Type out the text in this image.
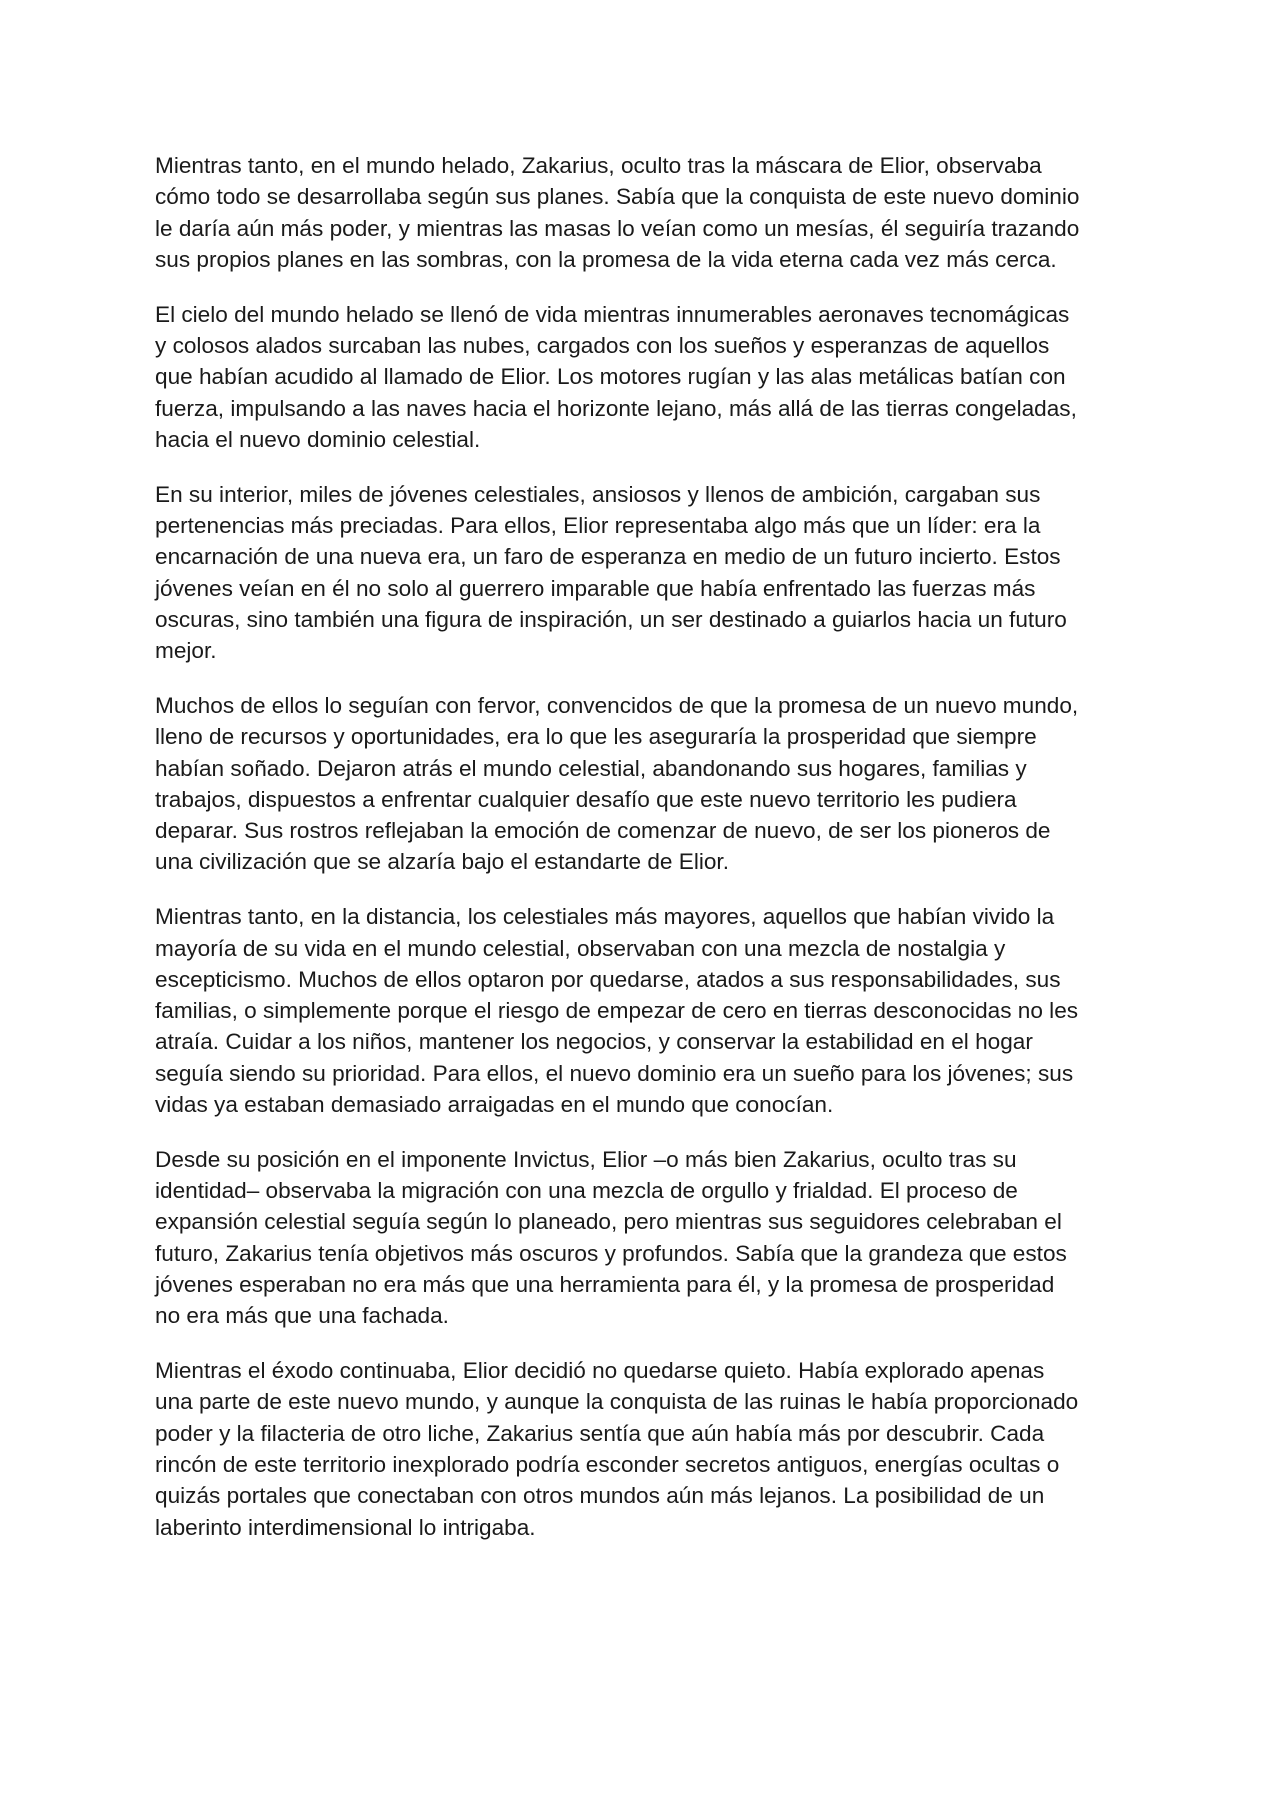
Mientras tanto, en el mundo helado, Zakarius, oculto tras la máscara de Elior, observaba
cómo todo se desarrollaba según sus planes. Sabía que la conquista de este nuevo dominio
le daría aún más poder, y mientras las masas lo veían como un mesías, él seguiría trazando
sus propios planes en las sombras, con la promesa de la vida eterna cada vez más cerca.

El cielo del mundo helado se llenó de vida mientras innumerables aeronaves tecnomágicas
y colosos alados surcaban las nubes, cargados con los sueños y esperanzas de aquellos
que habían acudido al llamado de Elior. Los motores rugían y las alas metálicas batían con
fuerza, impulsando a las naves hacia el horizonte lejano, más allá de las tierras congeladas,
hacia el nuevo dominio celestial.

En su interior, miles de jóvenes celestiales, ansiosos y llenos de ambición, cargaban sus
pertenencias más preciadas. Para ellos, Elior representaba algo más que un líder: era la
encarnación de una nueva era, un faro de esperanza en medio de un futuro incierto. Estos
jóvenes veían en él no solo al guerrero imparable que había enfrentado las fuerzas más
oscuras, sino también una figura de inspiración, un ser destinado a guiarlos hacia un futuro
mejor.

Muchos de ellos lo seguían con fervor, convencidos de que la promesa de un nuevo mundo,
lleno de recursos y oportunidades, era lo que les aseguraría la prosperidad que siempre
habían soñado. Dejaron atrás el mundo celestial, abandonando sus hogares, familias y
trabajos, dispuestos a enfrentar cualquier desafío que este nuevo territorio les pudiera
deparar. Sus rostros reflejaban la emoción de comenzar de nuevo, de ser los pioneros de
una civilización que se alzaría bajo el estandarte de Elior.

Mientras tanto, en la distancia, los celestiales más mayores, aquellos que habían vivido la
mayoría de su vida en el mundo celestial, observaban con una mezcla de nostalgia y
escepticismo. Muchos de ellos optaron por quedarse, atados a sus responsabilidades, sus
familias, o simplemente porque el riesgo de empezar de cero en tierras desconocidas no les
atraía. Cuidar a los niños, mantener los negocios, y conservar la estabilidad en el hogar
seguía siendo su prioridad. Para ellos, el nuevo dominio era un sueño para los jóvenes; sus
vidas ya estaban demasiado arraigadas en el mundo que conocían.

Desde su posición en el imponente Invictus, Elior –o más bien Zakarius, oculto tras su
identidad– observaba la migración con una mezcla de orgullo y frialdad. El proceso de
expansión celestial seguía según lo planeado, pero mientras sus seguidores celebraban el
futuro, Zakarius tenía objetivos más oscuros y profundos. Sabía que la grandeza que estos
jóvenes esperaban no era más que una herramienta para él, y la promesa de prosperidad
no era más que una fachada.

Mientras el éxodo continuaba, Elior decidió no quedarse quieto. Había explorado apenas
una parte de este nuevo mundo, y aunque la conquista de las ruinas le había proporcionado
poder y la filacteria de otro liche, Zakarius sentía que aún había más por descubrir. Cada
rincón de este territorio inexplorado podría esconder secretos antiguos, energías ocultas o
quizás portales que conectaban con otros mundos aún más lejanos. La posibilidad de un
laberinto interdimensional lo intrigaba.
